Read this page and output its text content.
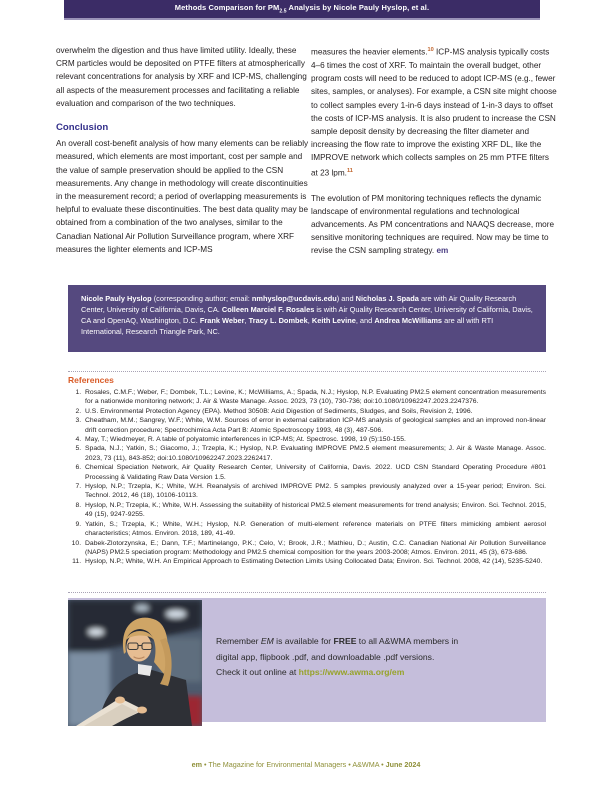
Methods Comparison for $PM_{2.5}$ Analysis by Nicole Pauly Hyslop, et al.

overwhelm the digestion and thus have limited utility. Ideally, these CRM particles would be deposited on PTFE filters at atmospherically relevant concentrations for analysis by XRF and ICP-MS, challenging all aspects of the measurement processes and facilitating a reliable evaluation and comparison of the two techniques.

Conclusion

An overall cost-benefit analysis of how many elements can be reliably measured, which elements are most important, cost per sample and the value of sample preservation should be applied to the CSN measurements. Any change in methodology will create discontinuities in the measurement record; a period of overlapping measurements is helpful to evaluate these discontinuities. The best data quality may be obtained from a combination of the two analyses, similar to the Canadian National Air Pollution Surveillance program, where XRF measures the lighter elements and ICP-MS

measures the heavier elements.$^{10}$ ICP-MS analysis typically costs 4–6 times the cost of XRF. To maintain the overall budget, other program costs will need to be reduced to adopt ICP-MS (e.g., fewer sites, samples, or analyses). For example, a CSN site might choose to collect samples every 1-in-6 days instead of 1-in-3 days to offset the costs of ICP-MS analysis. It is also prudent to increase the CSN sample deposit density by decreasing the filter diameter and increasing the flow rate to improve the existing XRF DL, like the IMPROVE network which collects samples on 25 mm PTFE filters at 23 lpm.$^{11}$

The evolution of PM monitoring techniques reflects the dynamic landscape of environmental regulations and technological advancements. As PM concentrations and NAAQS decrease, more sensitive monitoring techniques are required. Now may be time to revise the CSN sampling strategy. em

Nicole Pauly Hyslop (corresponding author; email: nmhyslop@ucdavis.edu) and Nicholas J. Spada are with Air Quality Research Center, University of California, Davis, CA. Colleen Marciel F. Rosales is with Air Quality Research Center, University of California, Davis, CA and OpenAQ, Washington, D.C. Frank Weber, Tracy L. Dombek, Keith Levine, and Andrea McWilliams are all with RTI International, Research Triangle Park, NC.
References
1. Rosales, C.M.F.; Weber, F.; Dombek, T.L.; Levine, K.; McWilliams, A.; Spada, N.J.; Hyslop, N.P. Evaluating PM2.5 element concentration measurements for a nationwide monitoring network; J. Air & Waste Manage. Assoc. 2023, 73 (10), 730-736; doi:10.1080/10962247.2023.2247376.
2. U.S. Environmental Protection Agency (EPA). Method 3050B: Acid Digestion of Sediments, Sludges, and Soils, Revision 2, 1996.
3. Cheatham, M.M.; Sangrey, W.F.; White, W.M. Sources of error in external calibration ICP-MS analysis of geological samples and an improved non-linear drift correction procedure; Spectrochimica Acta Part B: Atomic Spectroscopy 1993, 48 (3), 487-506.
4. May, T.; Wiedmeyer, R. A table of polyatomic interferences in ICP-MS; At. Spectrosc. 1998, 19 (5):150-155.
5. Spada, N.J.; Yatkin, S.; Giacomo, J.; Trzepla, K.; Hyslop, N.P. Evaluating IMPROVE PM2.5 element measurements; J. Air & Waste Manage. Assoc. 2023, 73 (11), 843-852; doi:10.1080/10962247.2023.2262417.
6. Chemical Speciation Network, Air Quality Research Center, University of California, Davis. 2022. UCD CSN Standard Operating Procedure #801 Processing & Validating Raw Data Version 1.5.
7. Hyslop, N.P.; Trzepla, K.; White, W.H. Reanalysis of archived IMPROVE PM2. 5 samples previously analyzed over a 15-year period; Environ. Sci. Technol. 2012, 46 (18), 10106-10113.
8. Hyslop, N.P.; Trzepla, K.; White, W.H. Assessing the suitability of historical PM2.5 element measurements for trend analysis; Environ. Sci. Technol. 2015, 49 (15), 9247-9255.
9. Yatkin, S.; Trzepla, K.; White, W.H.; Hyslop, N.P. Generation of multi-element reference materials on PTFE filters mimicking ambient aerosol characteristics; Atmos. Environ. 2018, 189, 41-49.
10. Dabek-Zlotorzynska, E.; Dann, T.F.; Martinelango, P.K.; Celo, V.; Brook, J.R.; Mathieu, D.; Austin, C.C. Canadian National Air Pollution Surveillance (NAPS) PM2.5 speciation program: Methodology and PM2.5 chemical composition for the years 2003-2008; Atmos. Environ. 2011, 45 (3), 673-686.
11. Hyslop, N.P.; White, W.H. An Empirical Approach to Estimating Detection Limits Using Collocated Data; Environ. Sci. Technol. 2008, 42 (14), 5235-5240.
Remember EM is available for FREE to all A&WMA members in
digital app, flipbook .pdf, and downloadable .pdf versions.
Check it out online at https://www.awma.org/em
em • The Magazine for Environmental Managers • A&WMA • June 2024
